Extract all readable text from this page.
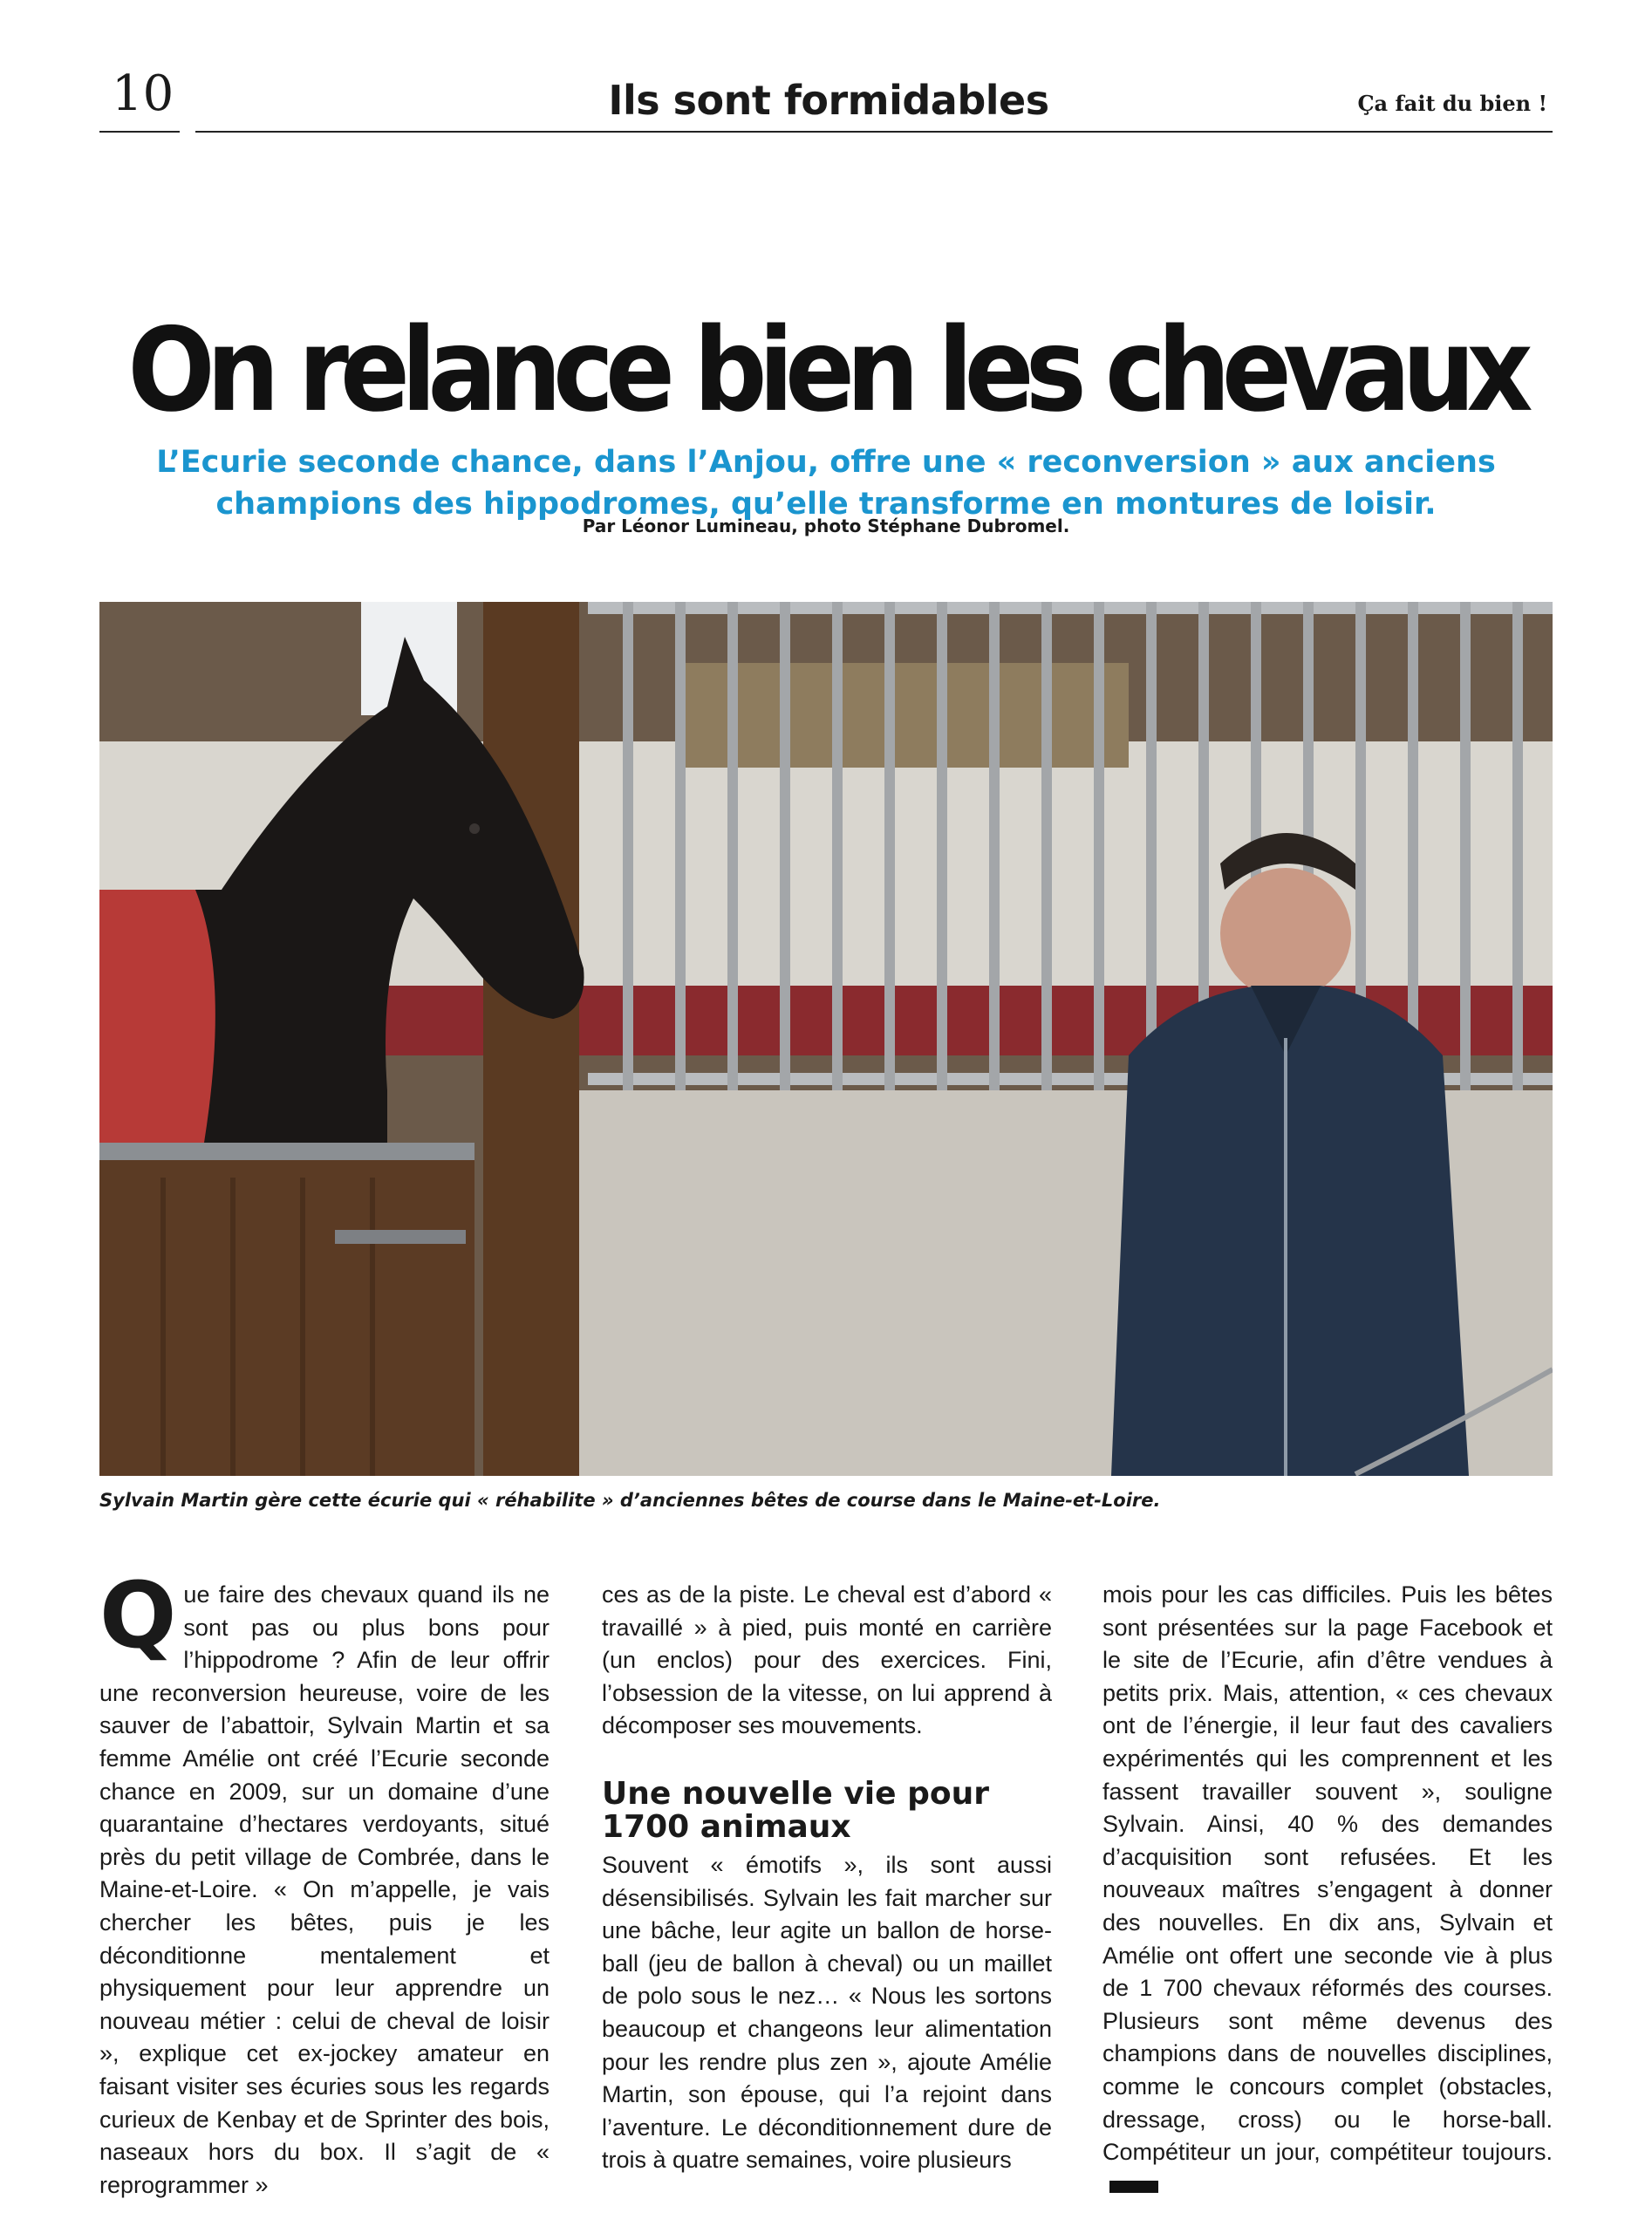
10	Ils sont formidables	Ça fait du bien !
On relance bien les chevaux
L’Ecurie seconde chance, dans l’Anjou, offre une « reconversion » aux anciens champions des hippodromes, qu’elle transforme en montures de loisir.
Par Léonor Lumineau, photo Stéphane Dubromel.
Sylvain Martin gère cette écurie qui « réhabilite » d’anciennes bêtes de course dans le Maine-et-Loire.
Que faire des chevaux quand ils ne sont pas ou plus bons pour l’hippodrome ? Afin de leur offrir une reconversion heureuse, voire de les sauver de l’abattoir, Sylvain Martin et sa femme Amélie ont créé l’Ecurie seconde chance en 2009, sur un domaine d’une quarantaine d’hectares verdoyants, situé près du petit village de Combrée, dans le Maine-et-Loire. « On m’appelle, je vais chercher les bêtes, puis je les déconditionne mentalement et physiquement pour leur apprendre un nouveau métier : celui de cheval de loisir », explique cet ex-jockey amateur en faisant visiter ses écuries sous les regards curieux de Kenbay et de Sprinter des bois, naseaux hors du box. Il s’agit de « reprogrammer »
ces as de la piste. Le cheval est d’abord « travaillé » à pied, puis monté en carrière (un enclos) pour des exercices. Fini, l’obsession de la vitesse, on lui apprend à décomposer ses mouvements.
Une nouvelle vie pour 1700 animaux
Souvent « émotifs », ils sont aussi désensibilisés. Sylvain les fait marcher sur une bâche, leur agite un ballon de horse-ball (jeu de ballon à cheval) ou un maillet de polo sous le nez… « Nous les sortons beaucoup et changeons leur alimentation pour les rendre plus zen », ajoute Amélie Martin, son épouse, qui l’a rejoint dans l’aventure. Le déconditionnement dure de trois à quatre semaines, voire plusieurs
mois pour les cas difficiles. Puis les bêtes sont présentées sur la page Facebook et le site de l’Ecurie, afin d’être vendues à petits prix. Mais, attention, « ces chevaux ont de l’énergie, il leur faut des cavaliers expérimentés qui les comprennent et les fassent travailler souvent », souligne Sylvain. Ainsi, 40 % des demandes d’acquisition sont refusées. Et les nouveaux maîtres s’engagent à donner des nouvelles. En dix ans, Sylvain et Amélie ont offert une seconde vie à plus de 1 700 chevaux réformés des courses. Plusieurs sont même devenus des champions dans de nouvelles disciplines, comme le concours complet (obstacles, dressage, cross) ou le horse-ball. Compétiteur un jour, compétiteur toujours.
